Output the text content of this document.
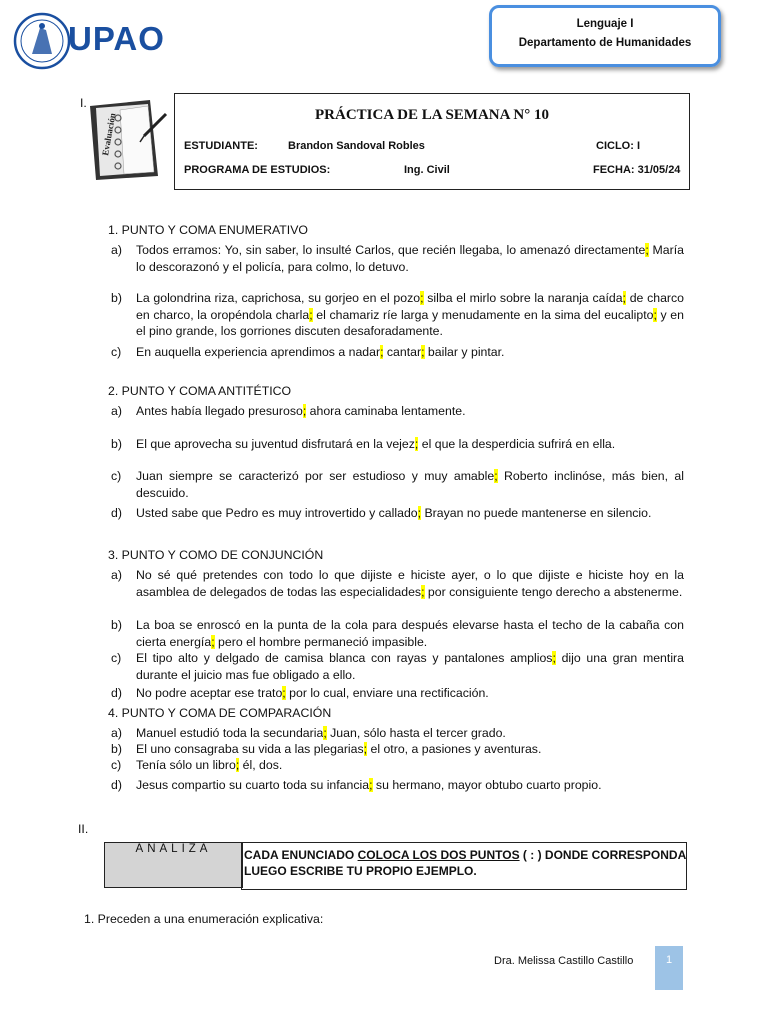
UPAO	Lenguaje I
Departamento de Humanidades
I.
Evaluación	PRÁCTICA DE LA SEMANA N° 10
ESTUDIANTE:	Brandon Sandoval Robles	CICLO: I
PROGRAMA DE ESTUDIOS:	Ing. Civil	FECHA: 31/05/24
1. PUNTO Y COMA ENUMERATIVO
2. PUNTO Y COMA ANTITÉTICO
3. PUNTO Y COMO DE CONJUNCIÓN
4. PUNTO Y COMA DE COMPARACIÓN
a) Todos erramos: Yo, sin saber, lo insulté Carlos, que recién llegaba, lo amenazó directamente; María lo descorazonó y el policía, para colmo, lo detuvo.
b) La golondrina riza, caprichosa, su gorjeo en el pozo; silba el mirlo sobre la naranja caída; de charco en charco, la oropéndola charla; el chamariz ríe larga y menudamente en la sima del eucalipto; y en el pino grande, los gorriones discuten desaforadamente.
c) En auquella experiencia aprendimos a nadar; cantar; bailar y pintar.
a) Antes había llegado presuroso; ahora caminaba lentamente.
b) El que aprovecha su juventud disfrutará en la vejez; el que la desperdicia sufrirá en ella.
c) Juan siempre se caracterizó por ser estudioso y muy amable; Roberto inclinóse, más bien, al descuido.
d) Usted sabe que Pedro es muy introvertido y callado; Brayan no puede mantenerse en silencio.
a) No sé qué pretendes con todo lo que dijiste e hiciste ayer, o lo que dijiste e hiciste hoy en la asamblea de delegados de todas las especialidades; por consiguiente tengo derecho a abstenerme.
b) La boa se enroscó en la punta de la cola para después elevarse hasta el techo de la cabaña con cierta energía; pero el hombre permaneció impasible.
c) El tipo alto y delgado de camisa blanca con rayas y pantalones amplios; dijo una gran mentira durante el juicio mas fue obligado a ello.
d) No podre aceptar ese trato; por lo cual, enviare una rectificación.
a) Manuel estudió toda la secundaria; Juan, sólo hasta el tercer grado.
b) El uno consagraba su vida a las plegarias; el otro, a pasiones y aventuras.
c) Tenía sólo un libro; él, dos.
d) Jesus compartio su cuarto toda su infancia; su hermano, mayor obtubo cuarto propio.
II.
ANALIZA	CADA ENUNCIADO COLOCA LOS DOS PUNTOS ( : ) DONDE CORRESPONDA LUEGO ESCRIBE TU PROPIO EJEMPLO.
1. Preceden a una enumeración explicativa:
Dra. Melissa Castillo Castillo	1
